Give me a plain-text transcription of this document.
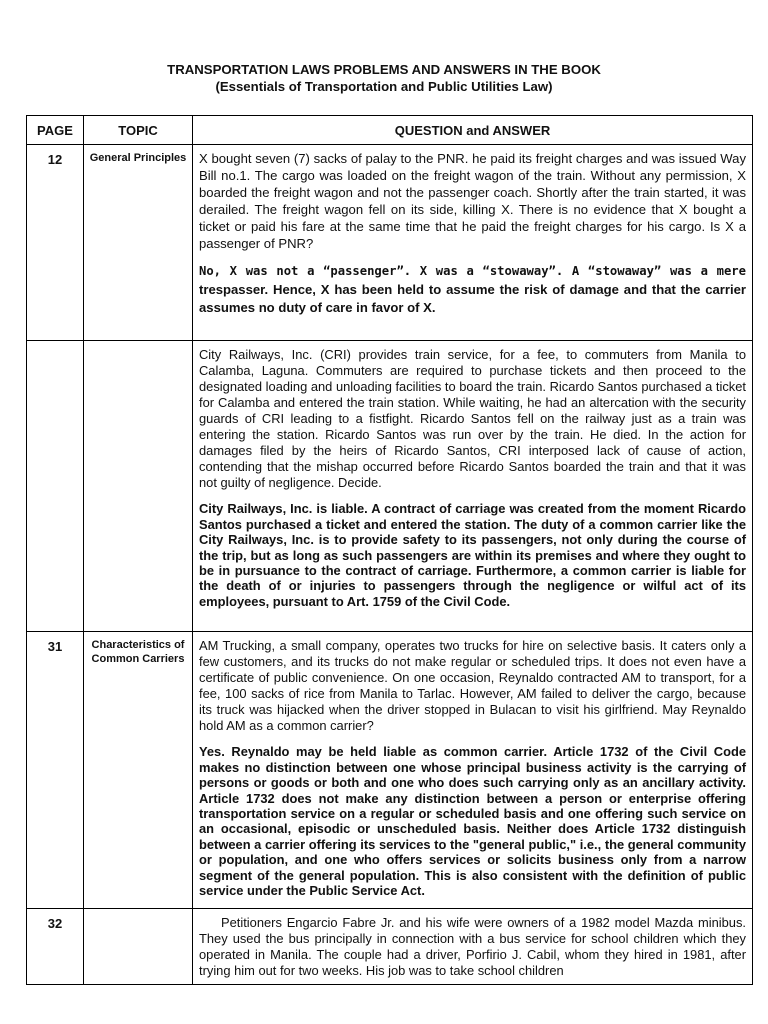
TRANSPORTATION LAWS PROBLEMS AND ANSWERS IN THE BOOK
(Essentials of Transportation and Public Utilities Law)
PAGE	TOPIC	QUESTION and ANSWER
12	General Principles	X bought seven (7) sacks of palay to the PNR. he paid its freight charges and was issued Way Bill no.1. The cargo was loaded on the freight wagon of the train. Without any permission, X boarded the freight wagon and not the passenger coach. Shortly after the train started, it was derailed. The freight wagon fell on its side, killing X. There is no evidence that X bought a ticket or paid his fare at the same time that he paid the freight charges for his cargo. Is X a passenger of PNR?

No, X was not a “passenger”. X was a “stowaway”. A “stowaway” was a mere trespasser. Hence, X has been held to assume the risk of damage and that the carrier assumes no duty of care in favor of X.

		City Railways, Inc. (CRI) provides train service, for a fee, to commuters from Manila to Calamba, Laguna. Commuters are required to purchase tickets and then proceed to the designated loading and unloading facilities to board the train. Ricardo Santos purchased a ticket for Calamba and entered the train station. While waiting, he had an altercation with the security guards of CRI leading to a fistfight. Ricardo Santos fell on the railway just as a train was entering the station. Ricardo Santos was run over by the train. He died. In the action for damages filed by the heirs of Ricardo Santos, CRI interposed lack of cause of action, contending that the mishap occurred before Ricardo Santos boarded the train and that it was not guilty of negligence. Decide.

City Railways, Inc. is liable. A contract of carriage was created from the moment Ricardo Santos purchased a ticket and entered the station. The duty of a common carrier like the City Railways, Inc. is to provide safety to its passengers, not only during the course of the trip, but as long as such passengers are within its premises and where they ought to be in pursuance to the contract of carriage. Furthermore, a common carrier is liable for the death of or injuries to passengers through the negligence or wilful act of its employees, pursuant to Art. 1759 of the Civil Code.

31	Characteristics of Common Carriers	AM Trucking, a small company, operates two trucks for hire on selective basis. It caters only a few customers, and its trucks do not make regular or scheduled trips. It does not even have a certificate of public convenience. On one occasion, Reynaldo contracted AM to transport, for a fee, 100 sacks of rice from Manila to Tarlac. However, AM failed to deliver the cargo, because its truck was hijacked when the driver stopped in Bulacan to visit his girlfriend. May Reynaldo hold AM as a common carrier?

Yes. Reynaldo may be held liable as common carrier. Article 1732 of the Civil Code makes no distinction between one whose principal business activity is the carrying of persons or goods or both and one who does such carrying only as an ancillary activity. Article 1732 does not make any distinction between a person or enterprise offering transportation service on a regular or scheduled basis and one offering such service on an occasional, episodic or unscheduled basis. Neither does Article 1732 distinguish between a carrier offering its services to the "general public," i.e., the general community or population, and one who offers services or solicits business only from a narrow segment of the general population. This is also consistent with the definition of public service under the Public Service Act.

32		Petitioners Engarcio Fabre Jr. and his wife were owners of a 1982 model Mazda minibus. They used the bus principally in connection with a bus service for school children which they operated in Manila. The couple had a driver, Porfirio J. Cabil, whom they hired in 1981, after trying him out for two weeks. His job was to take school children
